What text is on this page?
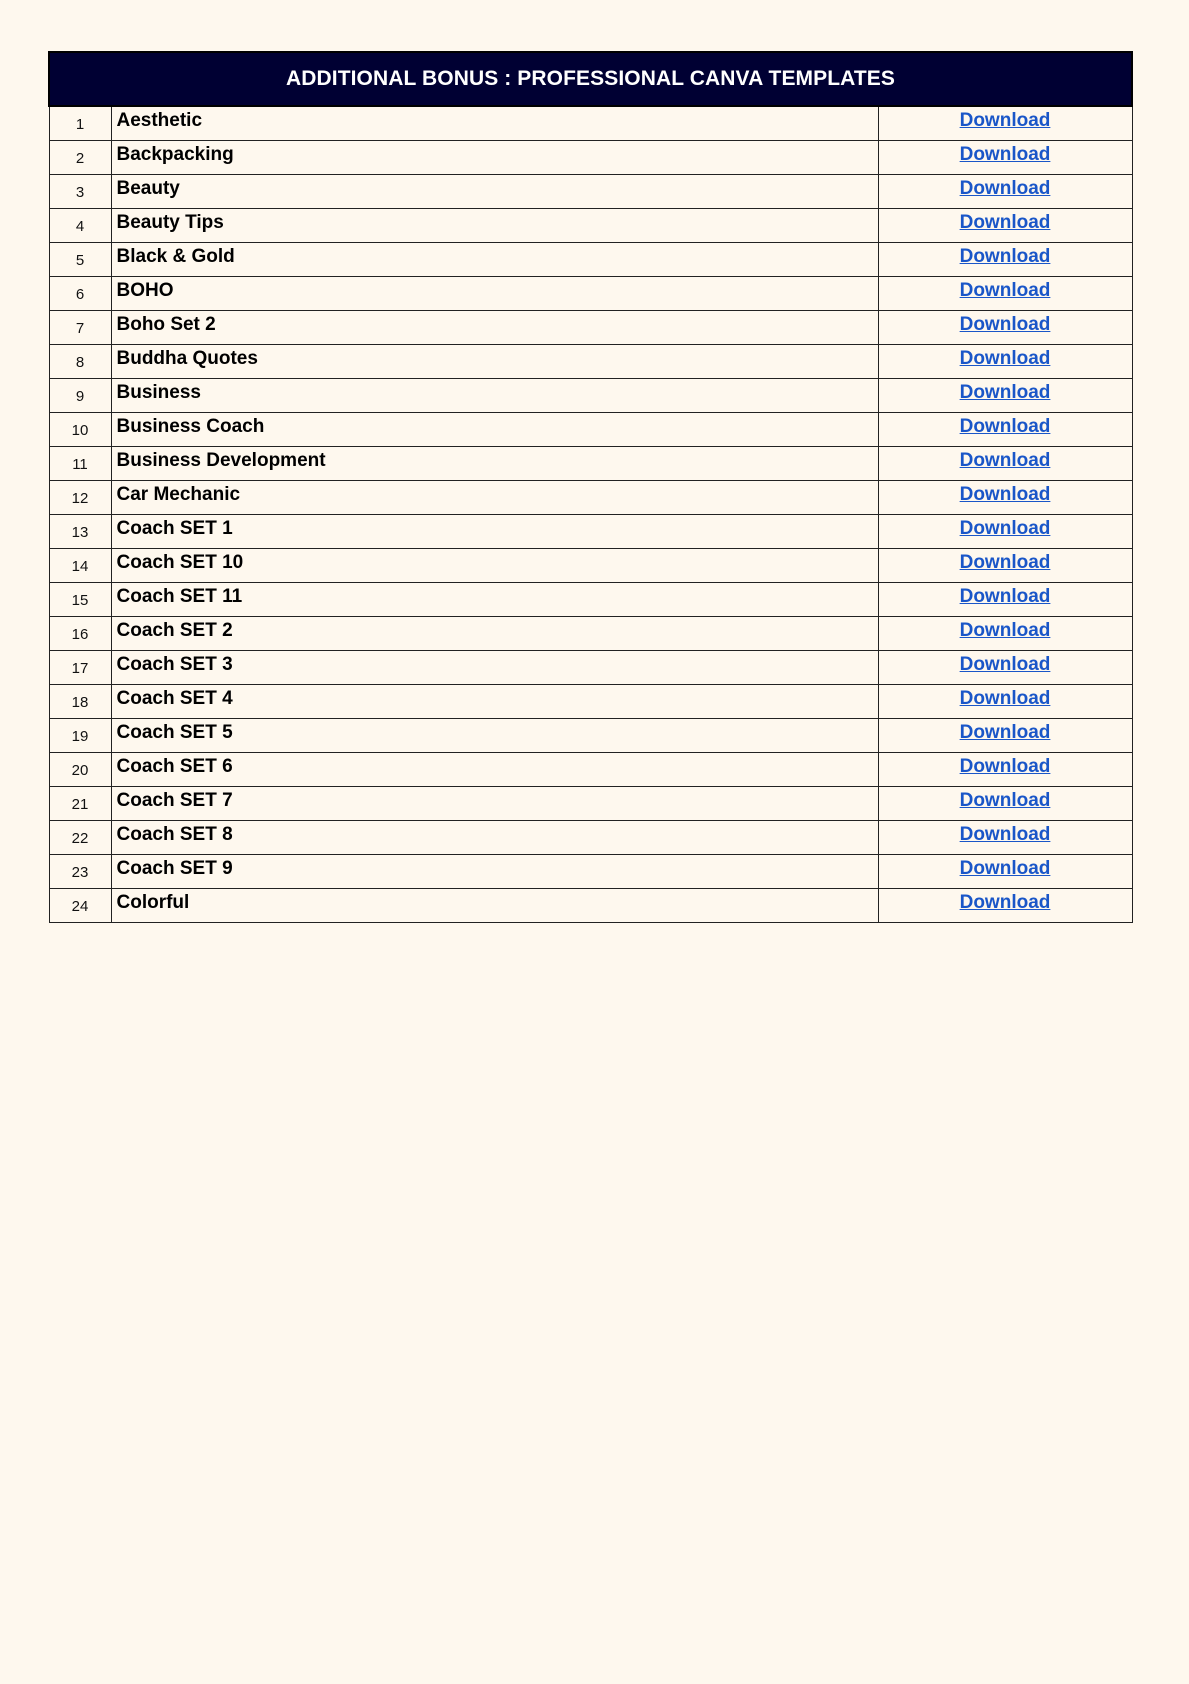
ADDITIONAL BONUS : PROFESSIONAL CANVA TEMPLATES		
1	Aesthetic	Download
2	Backpacking	Download
3	Beauty	Download
4	Beauty Tips	Download
5	Black & Gold	Download
6	BOHO	Download
7	Boho Set 2	Download
8	Buddha Quotes	Download
9	Business	Download
10	Business Coach	Download
11	Business Development	Download
12	Car Mechanic	Download
13	Coach SET 1	Download
14	Coach SET 10	Download
15	Coach SET 11	Download
16	Coach SET 2	Download
17	Coach SET 3	Download
18	Coach SET 4	Download
19	Coach SET 5	Download
20	Coach SET 6	Download
21	Coach SET 7	Download
22	Coach SET 8	Download
23	Coach SET 9	Download
24	Colorful	Download
